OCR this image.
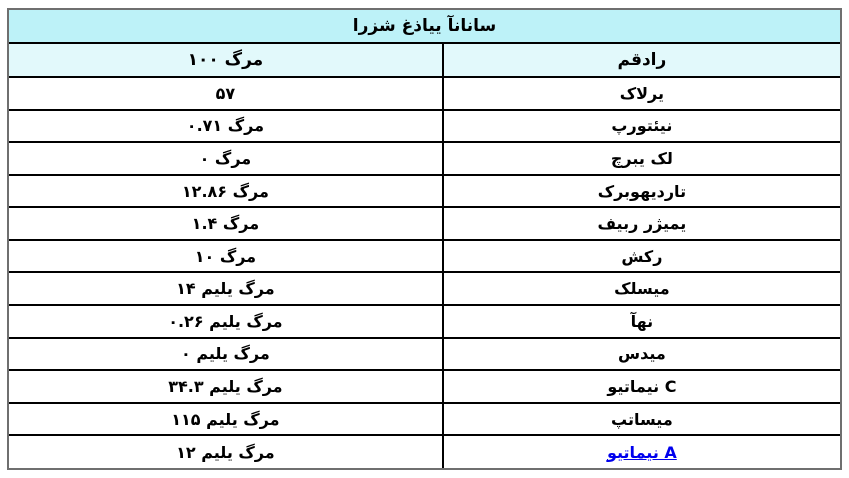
ارزش غذایی آناناس	
۱۰۰ گرم	مقدار
۵۷	کالری
۰.۷۱ گرم	پروتئین
۰ گرم	چربی کل
۱۲.۸۶ گرم	کربوهیدرات
۱.۴ گرم	فیبر رژیمی
۱۰ گرم	شکر
۱۴ میلی گرم	کلسیم
۰.۲۶ میلی گرم	آهن
۰ میلی گرم	سدیم
۳۴.۳ میلی گرم	ویتامین C
۱۱۵ میلی گرم	پتاسیم
۱۲ میلی گرم	ویتامین A
